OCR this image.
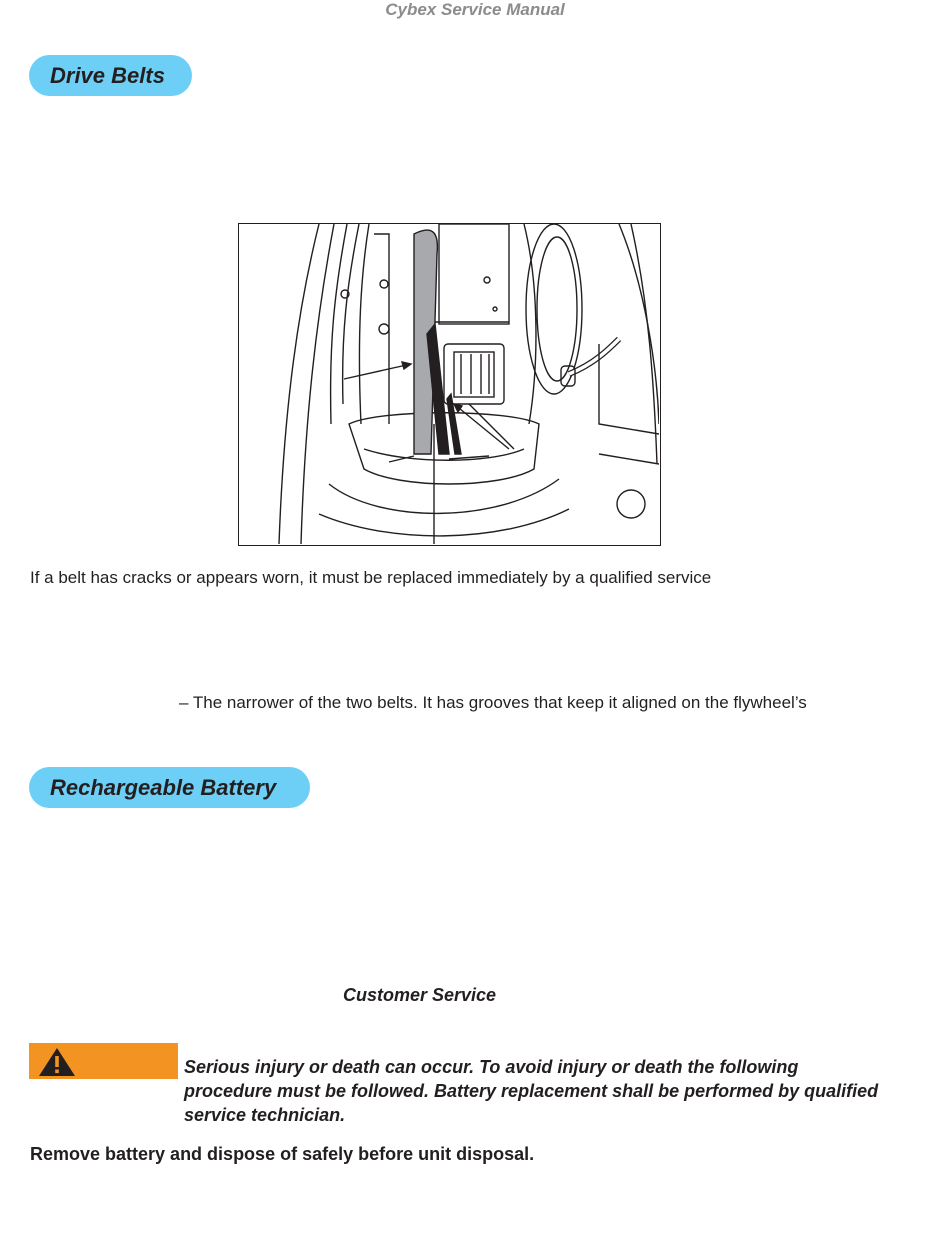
Cybex Service Manual
Drive Belts
If a belt has cracks or appears worn, it must be replaced immediately by a qualified service
– The narrower of the two belts. It has grooves that keep it aligned on the flywheel’s
Rechargeable Battery
Customer Service
Serious injury or death can occur. To avoid injury or death the following procedure must be followed. Battery replacement shall be performed by qualified service technician.
Remove battery and dispose of safely before unit disposal.
